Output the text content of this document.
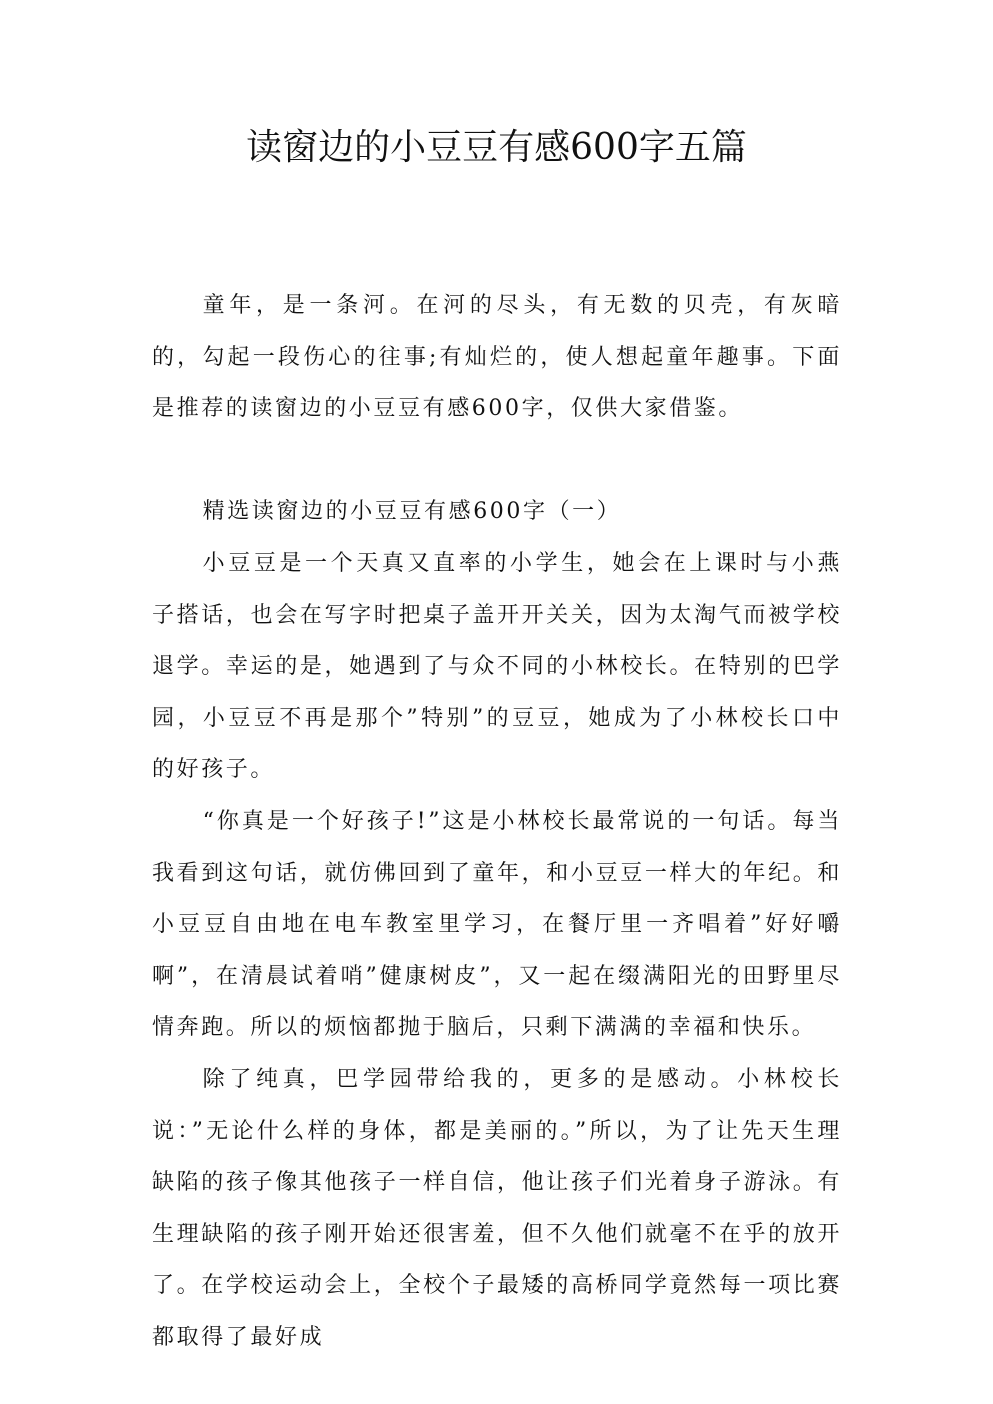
读窗边的小豆豆有感600字五篇

童年，是一条河。在河的尽头，有无数的贝壳，有灰暗的，勾起一段伤心的往事;有灿烂的，使人想起童年趣事。下面是推荐的读窗边的小豆豆有感600字，仅供大家借鉴。

精选读窗边的小豆豆有感600字（一）

小豆豆是一个天真又直率的小学生，她会在上课时与小燕子搭话，也会在写字时把桌子盖开开关关，因为太淘气而被学校退学。幸运的是，她遇到了与众不同的小林校长。在特别的巴学园，小豆豆不再是那个”特别”的豆豆，她成为了小林校长口中的好孩子。

“你真是一个好孩子!”这是小林校长最常说的一句话。每当我看到这句话，就仿佛回到了童年，和小豆豆一样大的年纪。和小豆豆自由地在电车教室里学习，在餐厅里一齐唱着”好好嚼啊”，在清晨试着哨”健康树皮”，又一起在缀满阳光的田野里尽情奔跑。所以的烦恼都抛于脑后，只剩下满满的幸福和快乐。

除了纯真，巴学园带给我的，更多的是感动。小林校长说：”无论什么样的身体，都是美丽的。”所以，为了让先天生理缺陷的孩子像其他孩子一样自信，他让孩子们光着身子游泳。有生理缺陷的孩子刚开始还很害羞，但不久他们就毫不在乎的放开了。在学校运动会上，全校个子最矮的高桥同学竟然每一项比赛都取得了最好成
